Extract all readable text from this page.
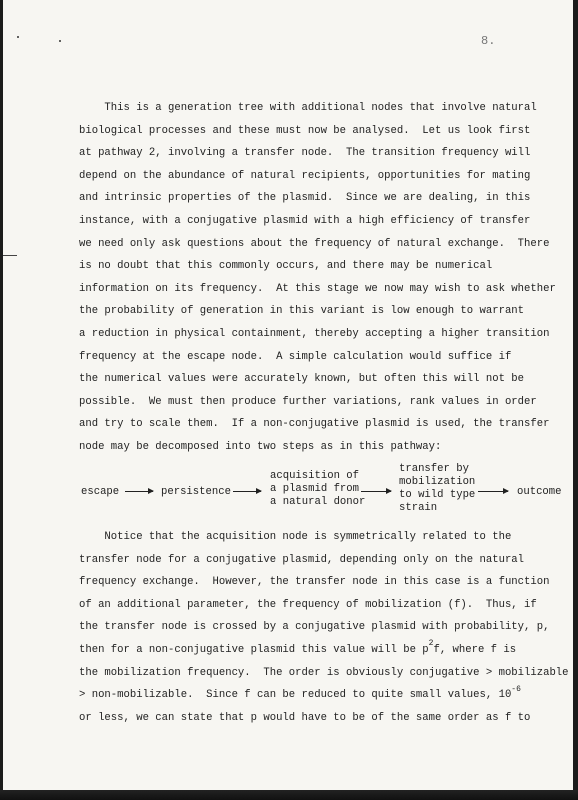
8.
This is a generation tree with additional nodes that involve natural
biological processes and these must now be analysed.  Let us look first
at pathway 2, involving a transfer node.  The transition frequency will
depend on the abundance of natural recipients, opportunities for mating
and intrinsic properties of the plasmid.  Since we are dealing, in this
instance, with a conjugative plasmid with a high efficiency of transfer
we need only ask questions about the frequency of natural exchange.  There
is no doubt that this commonly occurs, and there may be numerical
information on its frequency.  At this stage we now may wish to ask whether
the probability of generation in this variant is low enough to warrant
a reduction in physical containment, thereby accepting a higher transition
frequency at the escape node.  A simple calculation would suffice if
the numerical values were accurately known, but often this will not be
possible.  We must then produce further variations, rank values in order
and try to scale them.  If a non-conjugative plasmid is used, the transfer
node may be decomposed into two steps as in this pathway:
escape	persistence
acquisition of
a plasmid from
a natural donor
transfer by
mobilization
to wild type
strain
outcome
Notice that the acquisition node is symmetrically related to the
transfer node for a conjugative plasmid, depending only on the natural
frequency exchange.  However, the transfer node in this case is a function
of an additional parameter, the frequency of mobilization (f).  Thus, if
the transfer node is crossed by a conjugative plasmid with probability, p,
then for a non-conjugative plasmid this value will be $p^2f$, where f is
the mobilization frequency.  The order is obviously conjugative > mobilizable
> non-mobilizable.  Since f can be reduced to quite small values, $10^{-6}$
or less, we can state that p would have to be of the same order as f to
